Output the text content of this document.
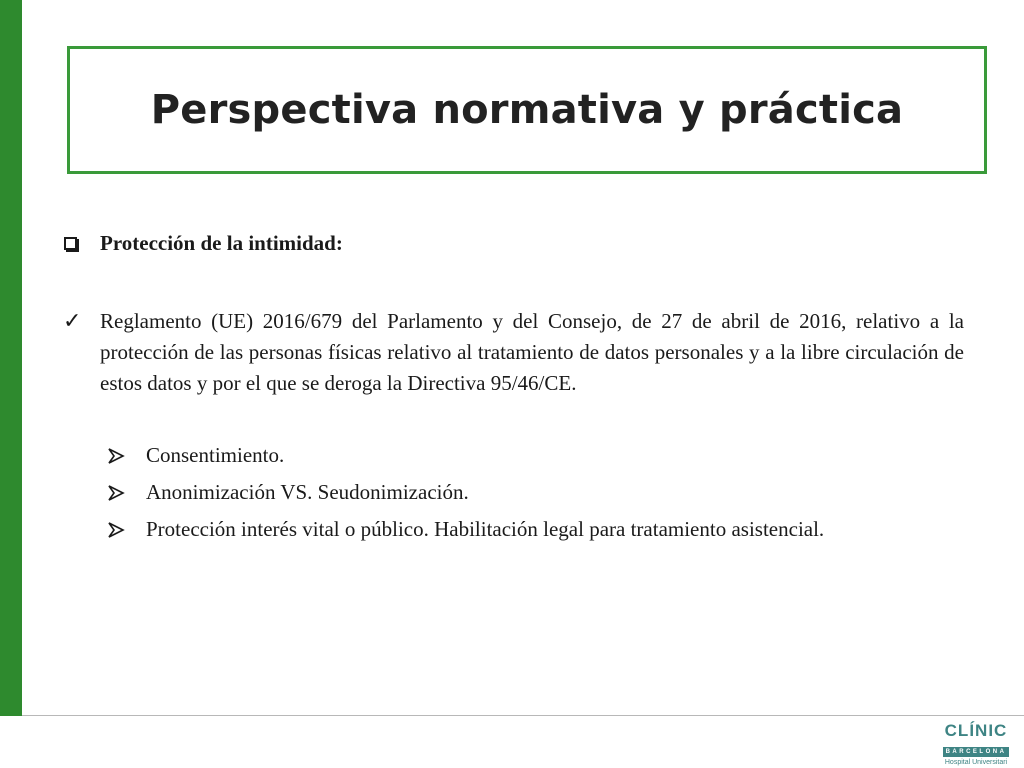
Perspectiva normativa y práctica
Protección de la intimidad:
✓ Reglamento (UE) 2016/679 del Parlamento y del Consejo, de 27 de abril de 2016, relativo a la protección de las personas físicas relativo al tratamiento de datos personales y a la libre circulación de estos datos y por el que se deroga la Directiva 95/46/CE.
Consentimiento.
Anonimización VS. Seudonimización.
Protección interés vital o público. Habilitación legal para tratamiento asistencial.
CLÍNIC
BARCELONA
Hospital Universitari
